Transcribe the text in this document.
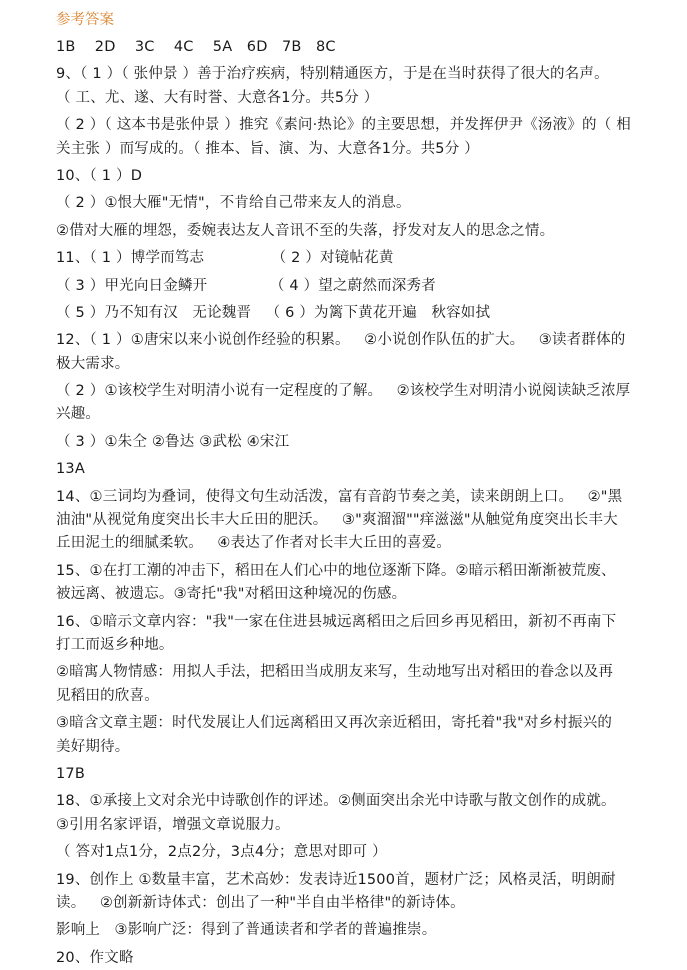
参考答案
1B    2D    3C    4C    5A   6D   7B   8C
9、（ 1 ）（ 张仲景 ）善于治疗疾病，特别精通医方，于是在当时获得了很大的名声。
（ 工、尤、遂、大有时誉、大意各1分。共5分 ）
（ 2 ）（ 这本书是张仲景 ）推究《素问·热论》的主要思想，并发挥伊尹《汤液》的（ 相
关主张 ）而写成的。（ 推本、旨、演、为、大意各1分。共5分 ）
10、（ 1 ）D
（ 2 ）①恨大雁"无情"，不肯给自己带来友人的消息。
②借对大雁的埋怨，委婉表达友人音讯不至的失落，抒发对友人的思念之情。
11、（ 1 ）博学而笃志              （ 2 ）对镜帖花黄
（ 3 ）甲光向日金鳞开             （ 4 ）望之蔚然而深秀者
（ 5 ）乃不知有汉   无论魏晋   （ 6 ）为篱下黄花开遍   秋容如拭
12、（ 1 ）①唐宋以来小说创作经验的积累。   ②小说创作队伍的扩大。   ③读者群体的
极大需求。
（ 2 ）①该校学生对明清小说有一定程度的了解。   ②该校学生对明清小说阅读缺乏浓厚
兴趣。
（ 3 ）①朱仝 ②鲁达 ③武松 ④宋江
13A
14、①三词均为叠词，使得文句生动活泼，富有音韵节奏之美，读来朗朗上口。   ②"黑
油油"从视觉角度突出长丰大丘田的肥沃。   ③"爽溜溜""痒滋滋"从触觉角度突出长丰大
丘田泥土的细腻柔软。   ④表达了作者对长丰大丘田的喜爱。
15、①在打工潮的冲击下，稻田在人们心中的地位逐渐下降。②暗示稻田渐渐被荒废、
被远离、被遗忘。③寄托"我"对稻田这种境况的伤感。
16、①暗示文章内容："我"一家在住进县城远离稻田之后回乡再见稻田，新初不再南下
打工而返乡种地。
②暗寓人物情感：用拟人手法，把稻田当成朋友来写，生动地写出对稻田的眷念以及再
见稻田的欣喜。
③暗含文章主题：时代发展让人们远离稻田又再次亲近稻田，寄托着"我"对乡村振兴的
美好期待。
17B
18、①承接上文对余光中诗歌创作的评述。②侧面突出余光中诗歌与散文创作的成就。
③引用名家评语，增强文章说服力。
（ 答对1点1分，2点2分，3点4分；意思对即可 ）
19、创作上 ①数量丰富，艺术高妙：发表诗近1500首，题材广泛；风格灵活，明朗耐
读。   ②创新新诗体式：创出了一种"半自由半格律"的新诗体。
影响上   ③影响广泛：得到了普通读者和学者的普遍推崇。
20、作文略
